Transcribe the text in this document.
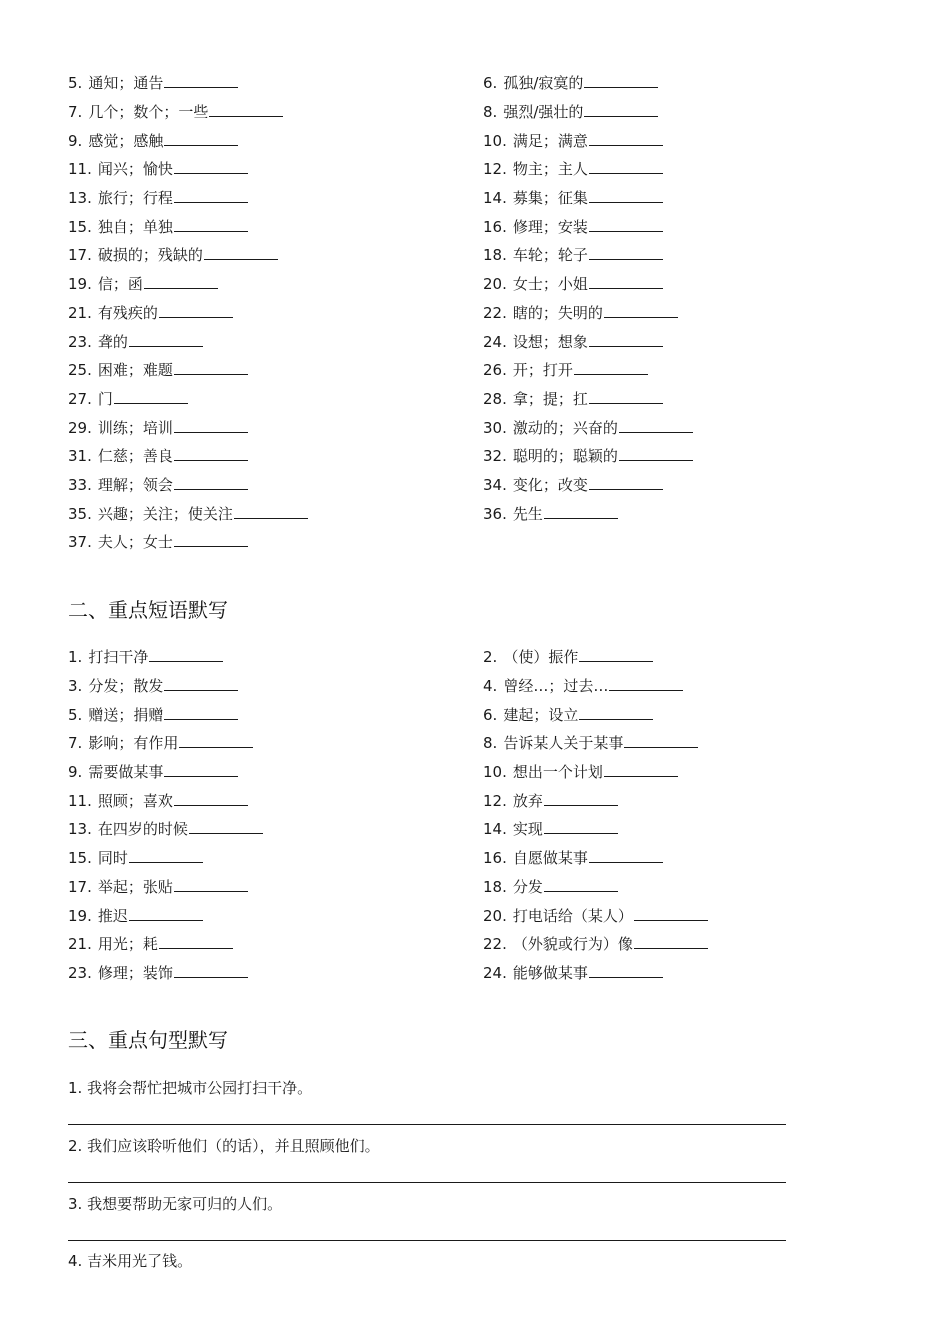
5. 通知；通告	6. 孤独/寂寞的
7. 几个；数个；一些	8. 强烈/强壮的
9. 感觉；感触	10. 满足；满意
11. 闻兴；愉快	12. 物主；主人
13. 旅行；行程	14. 募集；征集
15. 独自；单独	16. 修理；安装
17. 破损的；残缺的	18. 车轮；轮子
19. 信；函	20. 女士；小姐
21. 有残疾的	22. 瞎的；失明的
23. 聋的	24. 设想；想象
25. 困难；难题	26. 开；打开
27. 门	28. 拿；提；扛
29. 训练；培训	30. 激动的；兴奋的
31. 仁慈；善良	32. 聪明的；聪颖的
33. 理解；领会	34. 变化；改变
35. 兴趣；关注；使关注	36. 先生
37. 夫人；女士
二、重点短语默写
1. 打扫干净	2. （使）振作
3. 分发；散发	4. 曾经…；过去…
5. 赠送；捐赠	6. 建起；设立
7. 影响；有作用	8. 告诉某人关于某事
9. 需要做某事	10. 想出一个计划
11. 照顾；喜欢	12. 放弃
13. 在四岁的时候	14. 实现
15. 同时	16. 自愿做某事
17. 举起；张贴	18. 分发
19. 推迟	20. 打电话给（某人）
21. 用光；耗	22. （外貌或行为）像
23. 修理；装饰	24. 能够做某事
三、重点句型默写
1. 我将会帮忙把城市公园打扫干净。
2. 我们应该聆听他们（的话），并且照顾他们。
3. 我想要帮助无家可归的人们。
4. 吉米用光了钱。
